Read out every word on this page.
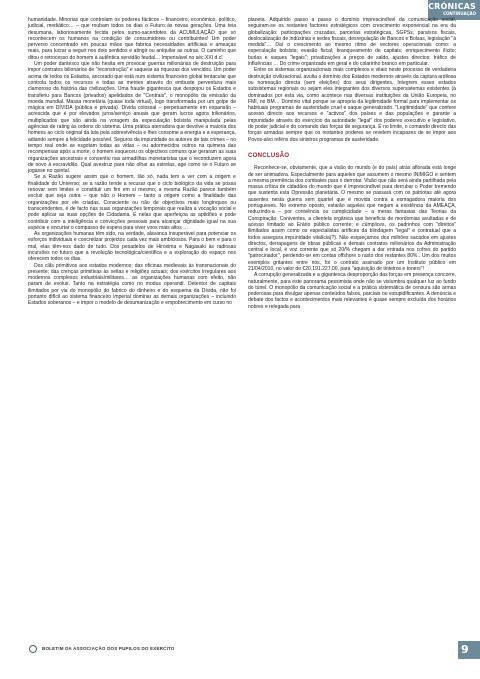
CRÓNICAS
CONTINUAÇÃO

humanidade. Minorias que controlam os poderes fácticos – financeiro, económico, político, judicial, mediático… – que roubam todos os dias o Futuro às novas gerações. Uma teia desumana, laboriosamente tecida pelos sumo-sacerdotes da ACUMULAÇÃO que só reconhecem os humanos na condição de consumidores ou contribuintes! Um poder perverso concentrado em poucas mãos que fabrica necessidades artificiais e ameaças reais, para lucrar a seguir nos dois sentidos e atingir ou aniquilar as outras. O caminho que ditou o retrocesso do homem à autêntica servidão feudal… Impensável no séc.XXI d.c!

Um poder dantesco que não hesita em provocar guerras milionárias de destruição para impor contratos bilionários de "reconstrução" e saquear as riquezas dos vencidos. Um poder acima de todos os Estados, ancorado que está num sistema financeiro global tentacular que controla todos os recursos e todas as mentes através do embuste perventura mais clamoroso da história das civilizações. Uma fraude gigantesca que despojou os Estados e transferiu para Bancos (privados) apelidados de "Centrais", o monopólio da emissão da moeda mundial. Massa monetária (quase toda virtual), logo transformada por um golpe de mágica em DÍVIDA (pública e privada). Dívida colossal – perpetuamente em expansão – acrescida que é por elevados juros/serviço anuais que geram lucros agora trilionários, multiplicados que são ainda na voragem da especulação bolsista manipulada pelas agências de rating às ordens do sistema. Uma prática aterradora que devolve a maioria dos homens ao ciclo original da luta pela sobrevivência e lhes consome a energia e a esperança, adiando sempre a felicidade possível. Seguros da impunidade os autores de tais crimes – no tempo real onde se esgotam todas as vidas – ou adormecidos outros na quimera das recompensas após a morte, o homem esqueceu os objectivos comuns que geraram as suas organizações ancestrais e consentiu nas armadilhas monetaristas que o reconduzem agora de novo à escravidão. Qual avestruz para não olhar as estrelas, age como se o Futuro se jogasse no quintal.

Se a Razão sugere assim que o homem, tão só, nada tem a ver com a origem e finalidade do Universo; se a razão tende a recusar que o ciclo biológico da vida se possa renovar sem limites e constituir um fim em si mesmo; a mesma Razão parece também excluir que seja outra – que não o Homem – tanto a origem como a finalidade das organizações por ele criadas. Consciente ou não de objectivos mais longínquos ou transcendentes, é de facto nas suas organizações temporais que realiza a vocação social e pode aplicar as suas opções de Cidadania. É nelas que aperfeiçoa as aptidões e pode contribuir com a inteligência e convicções pessoais para alcançar dignidade igual na sua espécie e encurtar o compasso de espera para viver voos mais altos …

As organizações humanas têm sido, na verdade, alavanca insuperável para potenciar os esforços individuais e concretizar projectos cada vez mais ambiciosos. Para o bem e para o mal, elas têm-nos dado de tudo. Dos pesadelos de Hiroxima e Nagasaki às radiosas incursões no futuro que a revolução tecnológica/científica e a exploração do espaço nos oferecem todos os dias.

Dos clãs primitivos aos estados modernos; das oficinas medievais às transnacionais do presente; das crenças primitivas às seitas e religiões actuais; dos exércitos irregulares aos modernos complexos industriais/militares… as organizações humanas com efeito, não param de evoluir. Tanto na estratégia como no modus operandi. Detentor de capitais ilimitados por via do monopólio do fabrico do dinheiro e do esquema da Dívida, não foi portanto difícil ao sistema financeiro imperial dominar as demais organizações – incluindo Estados soberanos – e impor o modelo de desumanização e empobrecimento em curso no

planeta. Adquirido passo a passo o domínio imprescindível da comunicação social, seguiram-se os restantes factores estratégicos com crescimento exponencial na era da globalização: participações cruzadas, parcerias estratégicas, SGPSs, paraísos fiscais, deslocalização de indústrias e sedes fiscais, desregulação de Bancos e Bolsas, legislação "à medida"… Daí o crescimento ao mesmo ritmo de vectores operacionais como: a especulação bolsista; evasão fiscal; branqueamento de capitais; enriquecimento ilícito; burlas e saques "legais"; privatizações a preços de saldo, ajustes directos; tráfico de influências … Do crime organizado em geral e do colarinho branco em particular.

Entre os sistemas organizacionais mais complexos e vitais neste processo de verdadeira destruição civilizacional, avulta o domínio dos Estados modernos através da captura ardilosa ou nomeação directa (sem eleições) dos seus dirigentes. Integrem esses estados subsistemas regionais ou sejam eles integrantes dos diversos supersistemas existentes (à dominados por esta via, como acontece nas diversas instituições da União Europeia, no FMI, no BM… Domínio vital porque se apropria da legitimidade formal para implementar os habituais programas de austeridade cruel e saque generalizado. "Legitimidade" que confere acesso directo aos recursos e "activos" dos países e das populações e garante a impunidade através do exercício da autoridade "legal" dos poderes executivo e legislativo, do poder judicial e do comando das forças de segurança. É no limite, o comando directo das forças armadas sempre que os restantes poderes se revelem incapazes de se impor aos Povos-alvo reféns dos sinistros programas de austeridade.

CONCLUSÃO

Reconhece-se, obviamente, que a visão do mundo (e do país) atrás aflorada está longe de ser animadora. Especialmente para aqueles que assumem o mesmo INIMIGO e sentem a mesma premência dos combates para o derrotar. Visão que não será ainda partilhada pela massa crítica de cidadãos do mundo que é imprescindível para derrubar o Poder tremendo que sustenta esta Opressão planetária. O mesmo se passará com os patriotas até agora ausentes nesta guerra sem quartel que é movida contra a esmagadora maioria dos portugueses. No extremo oposto, estarão aqueles que negam a existência da AMEAÇA, reduzindo-a – por conivência ou cumplicidade – a meras fantasias das Teorias da Conspiração. Coniventes, a clientela orgânica que beneficia de mordomias avultadas e de acesso limitado ao Erário público corrente; e cúmplices, os padrinhos com "direitos" ilimitados assim como os especialistas artífices da blindagem "legal" e contratual que a todos assegura impunidade vitalícia(?). Não esqueçamos dos milhões sacados em ajustes directos, derrapagens de obras públicas e demais contratos milionários da Administração central e local, é voz corrente que só 20/% chegam a dar entrada nos cofres do partido "patrocinador", perdendo-se em contas offshore o rasto dos restantes 80%.. Um dos muitos exemplos gritantes entre nós, foi o contrato assinado por um Instituto público em 21/04/2010, no valor de €20.191.227,00, para "aquisição de tinteiros e toners"!

A corrupção generalizada e a gigantesca desproporção das forças em presença concorre, naturalmente, para este panorama pessimista onde não se vislumbra qualquer luz ao fundo do túnel. O monopólio da comunicação social e a prática sistemática de censura são armas poderosas para divulgar apenas conteúdos falsos, parciais ou estupidificantes. A denúncia e debate dos factos e acontecimentos mais relevantes é quase sempre excluída dos horários nobres e relegada para

BOLETIM DA ASSOCIAÇÃO DOS PUPILOS DO EXÉRCITO	9
